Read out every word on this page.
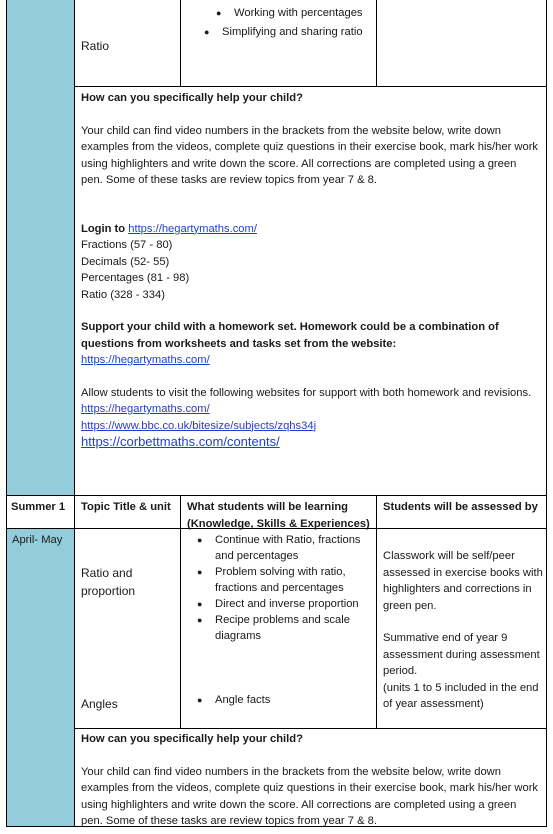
Ratio
● Working with percentages
● Simplifying and sharing ratio

How can you specifically help your child?

Your child can find video numbers in the brackets from the website below, write down examples from the videos, complete quiz questions in their exercise book, mark his/her work using highlighters and write down the score. All corrections are completed using a green pen. Some of these tasks are review topics from year 7 & 8.

Login to https://hegartymaths.com/

Fractions (57 - 80)

Decimals (52- 55)

Percentages (81 - 98)

Ratio (328 - 334)

Support your child with a homework set. Homework could be a combination of questions from worksheets and tasks set from the website:

https://hegartymaths.com/

Allow students to visit the following websites for support with both homework and revisions.

https://hegartymaths.com/

https://www.bbc.co.uk/bitesize/subjects/zqhs34j

https://corbettmaths.com/contents/

Summer 1 Topic Title & unit What students will be learning (Knowledge, Skills & Experiences)
Students will be assessed by
April- May
Ratio and proportion
Angles
● Continue with Ratio, fractions and percentages
● Problem solving with ratio, fractions and percentages
● Direct and inverse proportion
● Recipe problems and scale diagrams
● Angle facts

Classwork will be self/peer assessed in exercise books with highlighters and corrections in green pen.

Summative end of year 9 assessment during assessment period.

(units 1 to 5 included in the end of year assessment)

How can you specifically help your child?

Your child can find video numbers in the brackets from the website below, write down examples from the videos, complete quiz questions in their exercise book, mark his/her work using highlighters and write down the score. All corrections are completed using a green pen. Some of these tasks are review topics from year 7 & 8.
